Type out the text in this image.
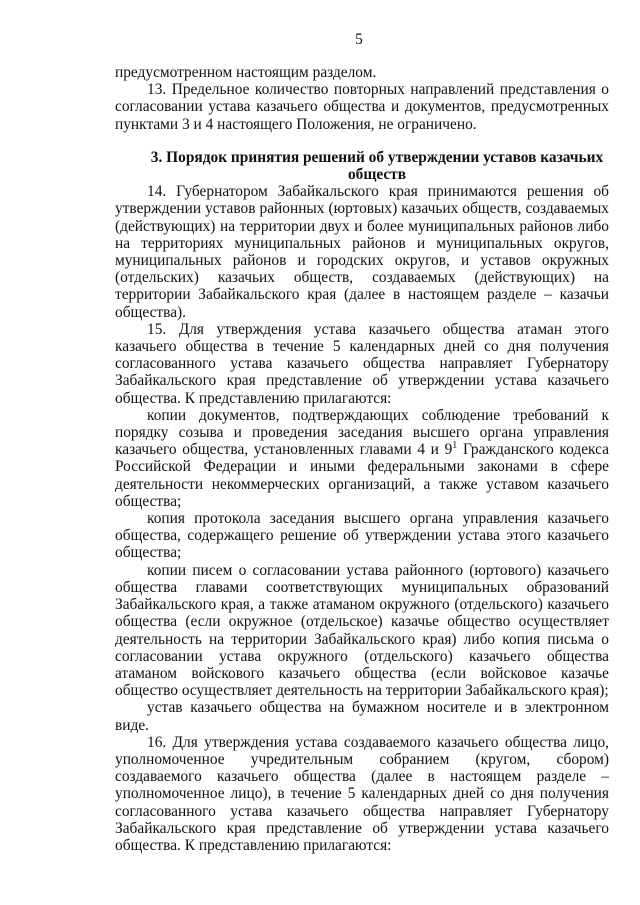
5

предусмотренном настоящим разделом.

13. Предельное количество повторных направлений представления о согласовании устава казачьего общества и документов, предусмотренных пунктами 3 и 4 настоящего Положения, не ограничено.

3. Порядок принятия решений об утверждении уставов казачьих обществ

14. Губернатором Забайкальского края принимаются решения об утверждении уставов районных (юртовых) казачьих обществ, создаваемых (действующих) на территории двух и более муниципальных районов либо на территориях муниципальных районов и муниципальных округов, муниципальных районов и городских округов, и уставов окружных (отдельских) казачьих обществ, создаваемых (действующих) на территории Забайкальского края (далее в настоящем разделе – казачьи общества).

15. Для утверждения устава казачьего общества атаман этого казачьего общества в течение 5 календарных дней со дня получения согласованного устава казачьего общества направляет Губернатору Забайкальского края представление об утверждении устава казачьего общества. К представлению прилагаются:

копии документов, подтверждающих соблюдение требований к порядку созыва и проведения заседания высшего органа управления казачьего общества, установленных главами 4 и $9^1$ Гражданского кодекса Российской Федерации и иными федеральными законами в сфере деятельности некоммерческих организаций, а также уставом казачьего общества;

копия протокола заседания высшего органа управления казачьего общества, содержащего решение об утверждении устава этого казачьего общества;

копии писем о согласовании устава районного (юртового) казачьего общества главами соответствующих муниципальных образований Забайкальского края, а также атаманом окружного (отдельского) казачьего общества (если окружное (отдельское) казачье общество осуществляет деятельность на территории Забайкальского края) либо копия письма о согласовании устава окружного (отдельского) казачьего общества атаманом войскового казачьего общества (если войсковое казачье общество осуществляет деятельность на территории Забайкальского края);

устав казачьего общества на бумажном носителе и в электронном виде.

16. Для утверждения устава создаваемого казачьего общества лицо, уполномоченное учредительным собранием (кругом, сбором) создаваемого казачьего общества (далее в настоящем разделе – уполномоченное лицо), в течение 5 календарных дней со дня получения согласованного устава казачьего общества направляет Губернатору Забайкальского края представление об утверждении устава казачьего общества. К представлению прилагаются:
